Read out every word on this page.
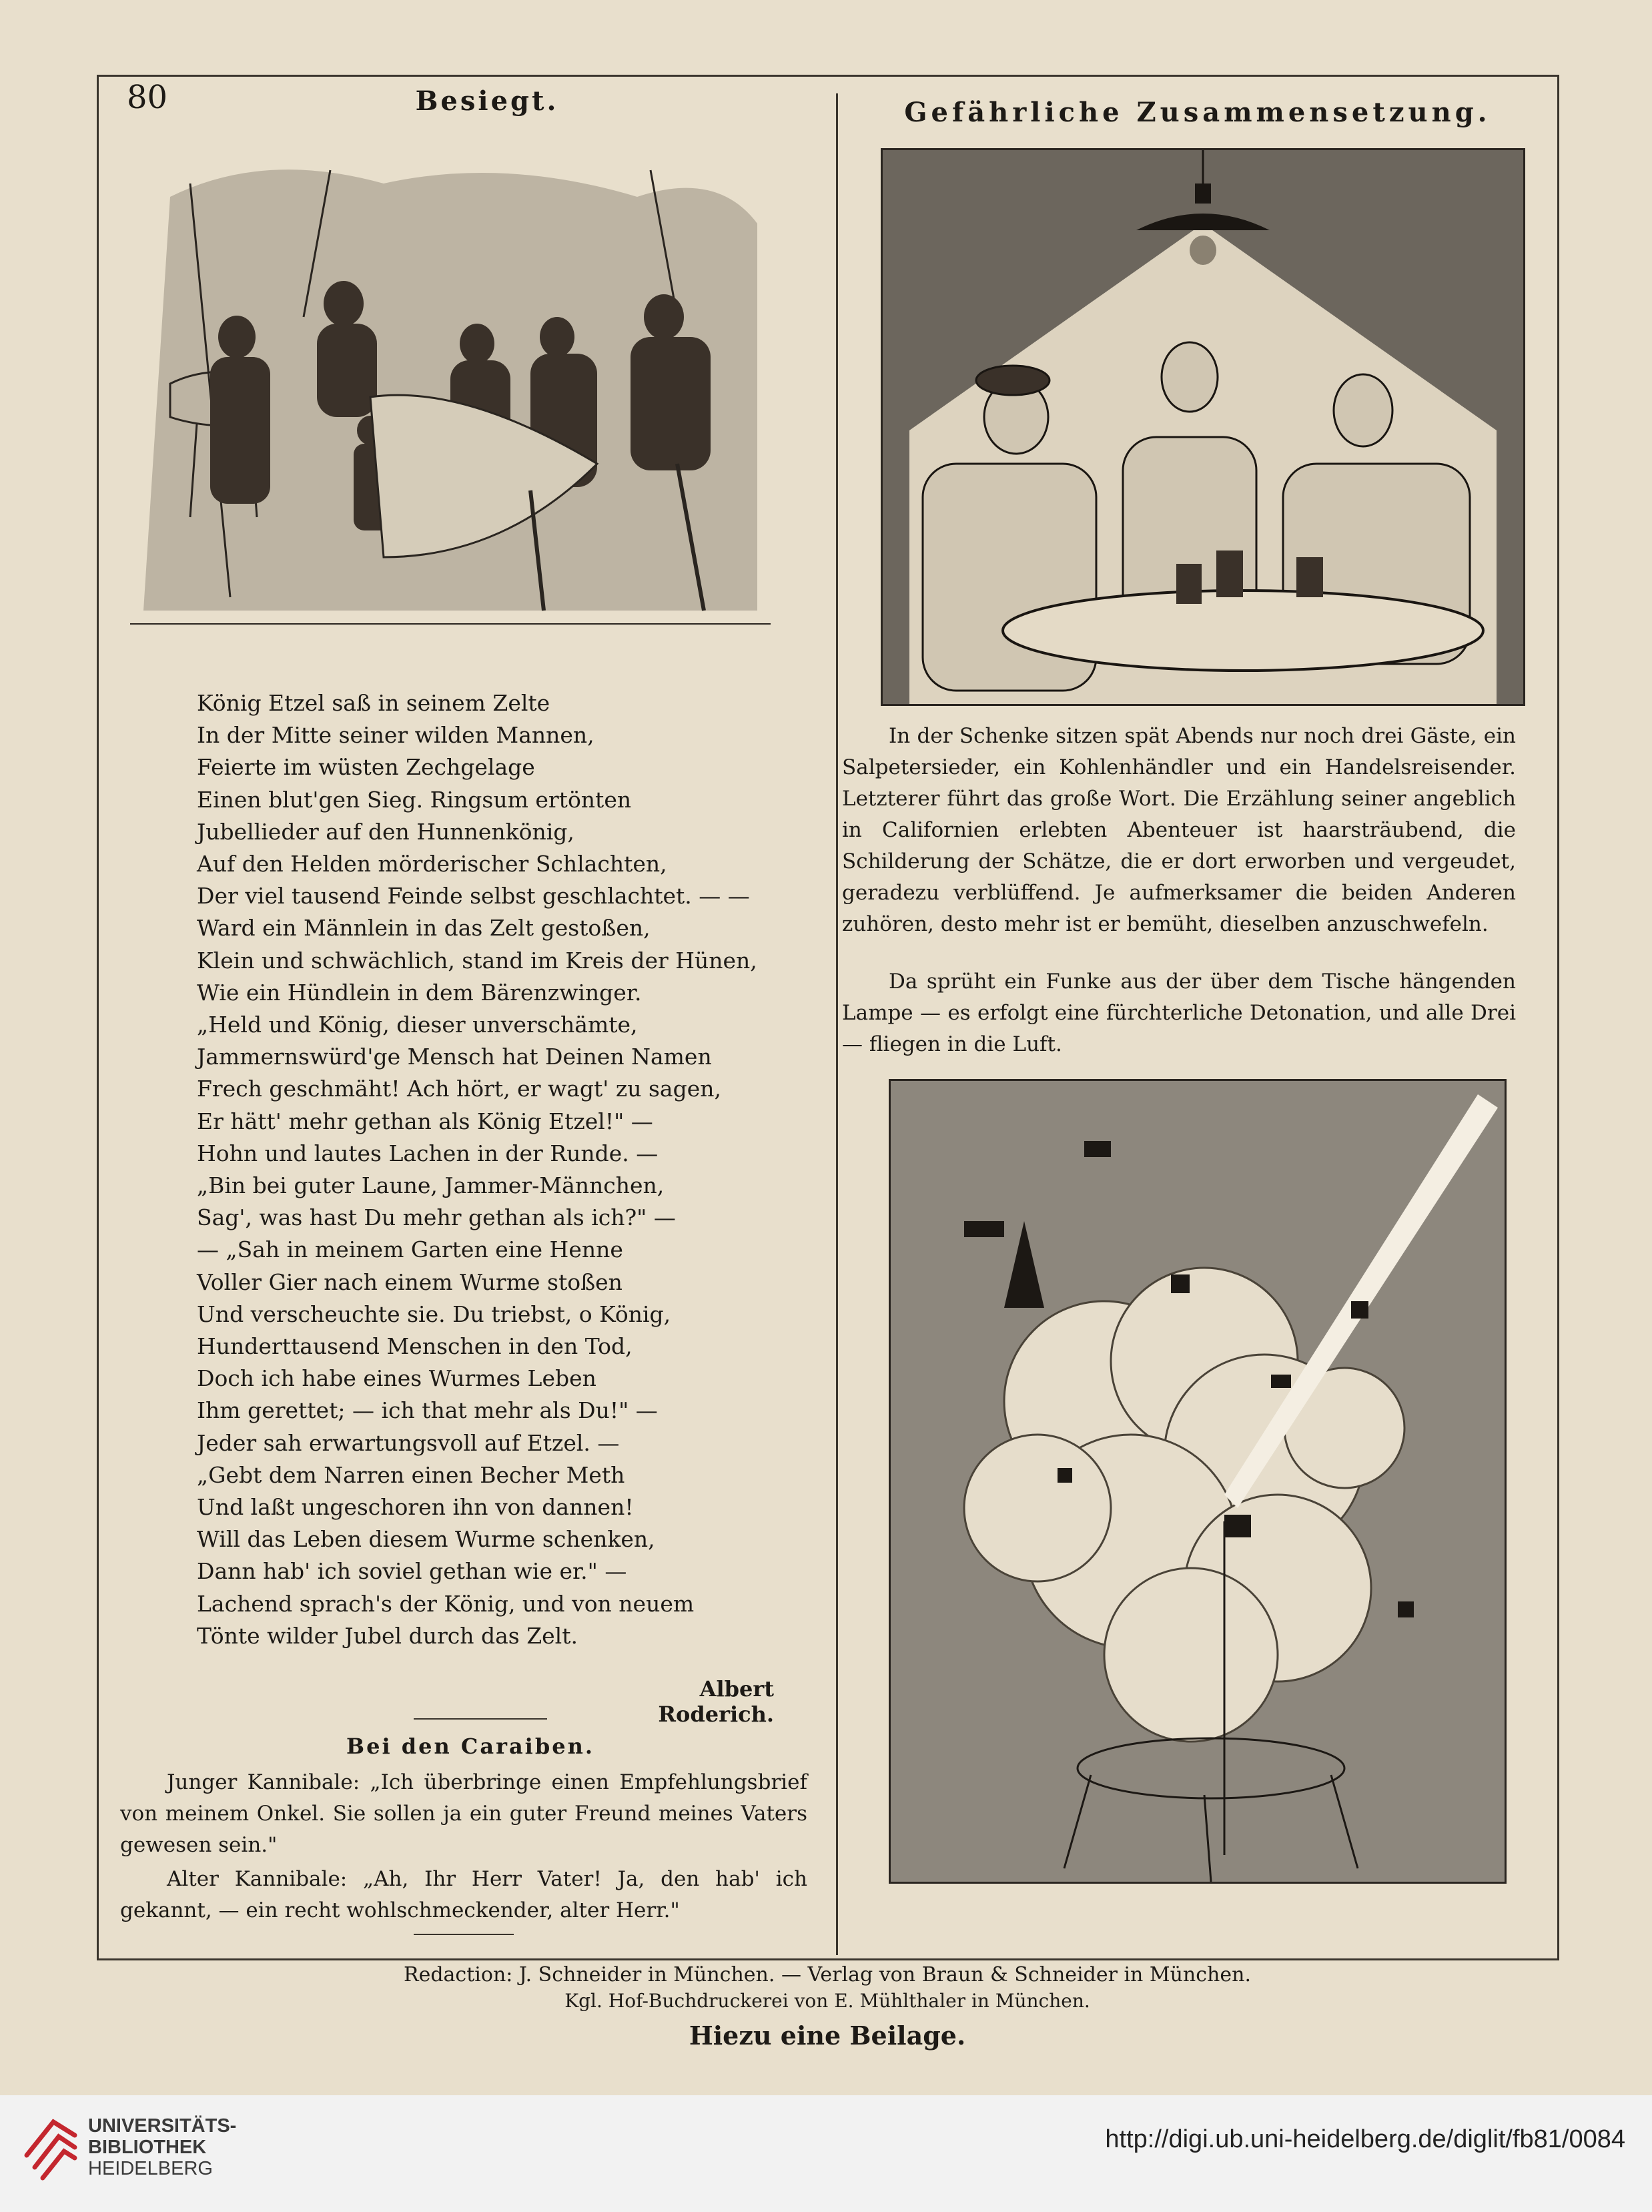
80	Besiegt.	Gefährliche Zusammensetzung.
König Etzel saß in seinem Zelte
In der Mitte seiner wilden Mannen,
Feierte im wüsten Zechgelage
Einen blut'gen Sieg. Ringsum ertönten
Jubellieder auf den Hunnenkönig,
Auf den Helden mörderischer Schlachten,
Der viel tausend Feinde selbst geschlachtet. — —
Ward ein Männlein in das Zelt gestoßen,
Klein und schwächlich, stand im Kreis der Hünen,
Wie ein Hündlein in dem Bärenzwinger.
„Held und König, dieser unverschämte,
Jammernswürd'ge Mensch hat Deinen Namen
Frech geschmäht! Ach hört, er wagt' zu sagen,
Er hätt' mehr gethan als König Etzel!" —
Hohn und lautes Lachen in der Runde. —
„Bin bei guter Laune, Jammer-Männchen,
Sag', was hast Du mehr gethan als ich?" —
— „Sah in meinem Garten eine Henne
Voller Gier nach einem Wurme stoßen
Und verscheuchte sie. Du triebst, o König,
Hunderttausend Menschen in den Tod,
Doch ich habe eines Wurmes Leben
Ihm gerettet; — ich that mehr als Du!" —
Jeder sah erwartungsvoll auf Etzel. —
„Gebt dem Narren einen Becher Meth
Und laßt ungeschoren ihn von dannen!
Will das Leben diesem Wurme schenken,
Dann hab' ich soviel gethan wie er." —
Lachend sprach's der König, und von neuem
Tönte wilder Jubel durch das Zelt.
Albert Roderich.
Bei den Caraiben.
Junger Kannibale: „Ich überbringe einen Empfehlungsbrief von meinem Onkel. Sie sollen ja ein guter Freund meines Vaters gewesen sein."
Alter Kannibale: „Ah, Ihr Herr Vater! Ja, den hab' ich gekannt, — ein recht wohlschmeckender, alter Herr."
In der Schenke sitzen spät Abends nur noch drei Gäste, ein Salpetersieder, ein Kohlenhändler und ein Handelsreisender. Letzterer führt das große Wort. Die Erzählung seiner angeblich in Californien erlebten Abenteuer ist haarsträubend, die Schilderung der Schätze, die er dort erworben und vergeudet, geradezu verblüffend. Je aufmerksamer die beiden Anderen zuhören, desto mehr ist er bemüht, dieselben anzuschwefeln.
Da sprüht ein Funke aus der über dem Tische hängenden Lampe — es erfolgt eine fürchterliche Detonation, und alle Drei — fliegen in die Luft.
Redaction: J. Schneider in München. — Verlag von Braun & Schneider in München.
Kgl. Hof-Buchdruckerei von E. Mühlthaler in München.
Hiezu eine Beilage.
UNIVERSITÄTS-
BIBLIOTHEK
HEIDELBERG
http://digi.ub.uni-heidelberg.de/diglit/fb81/0084
